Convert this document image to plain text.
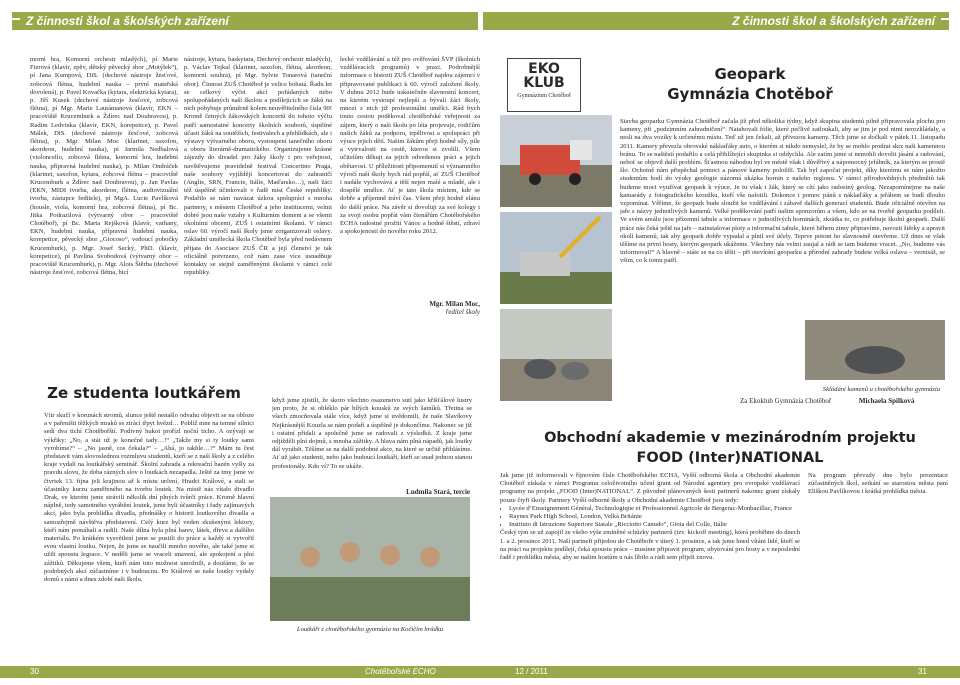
Z činnosti škol a školských zařízení	Z činnosti škol a školských zařízení

mornί hra, Komornί orchestr mladých), pí Marie Fierová (klavír, zpěv, dětský pěvecký sbor „Motýlek“), pí Jana Kumpová, DiS. (dechové nástroje žesťové, zobcová flétna, hudební nauka – první mateřská dovolená), p. Pavel Kovačka (kytara, elektrická kytara), p. Jiří Kusek (dechové nástroje žesťové, zobcová flétna), pí Mgr. Marie Lautámanová (klavír, EKN – pracoviště Krucemburk a Ždírec nad Doubravou), p. Radim Ledvinka (klavír, EKN, korepetice), p. Pavel Málek, DiS. (dechové nástroje žesťové, zobcová flétna), p. Mgr. Milan Moc (klarinet, saxofon, akordeon, hudební nauka), pí Jarmila Nedbalová (violoncello, zobcová flétna, komorní hra, hudební nauka, přípravná hudební nauka), p. Milan Ondráček (klarinet, saxofon, kytara, zobcová flétna – pracoviště Krucemburk a Ždírec nad Doubravou), p. Jan Pavlas (EKN, MIDI tvorba, akordeon, flétna, audiovizuální tvorba, zástupce ředitele), pí MgA. Lucie Pavlíková (housle, viola, komorní hra, zobcová flétna), pí Bc. Jitka Podrazilová (výtvarný obor – pracoviště Chotěboř), pí Bc. Marta Rejšková (klavír, varhany, EKN, hudební nauka, přípravná hudební nauka, korepetice, pěvecký sbor „Giocoso“, vedoucí pobočky Krucemburk), p. Mgr. Josef Secký, PhD. (klavír, korepetice), pí Pavlína Svobodová (výtvarný obor – pracoviště Krucemburk), p. Mgr. Alois Štěrba (dechové nástroje žesťové, zobcová flétna, bicí

nástroje, kytara, baskytara, Dechový orchestr mladých), p. Václav Tejkal (klarinet, saxofon, flétna, akordeon, komorní souhra), pí Mgr. Sylvie Tonarová (taneční obor). Činnost ZUŠ Chotěboř je velice bohatá. Řadu let se celkový výčet akcí pořádaných nebo spolupořádaných naší školou a podílejících se žáků na nich pohybuje průměrně kolem neuvěřitelného čísla 90! Kromě četných žákovských koncertů do tohoto výčtu patří samostatné koncerty školních souborů, úspěšné účasti žáků na soutěžích, festivalech a přehlídkách, ale i výstavy výtvarného oboru, vystoupení tanečního oboru a oboru literárně-dramatického. Organizujeme krásné zájezdy do divadel pro žáky školy i pro veřejnost, navštěvujeme pravidelně festival Concertino Praga, naše soubory vyjíždějí koncertovat do zahraničí (Anglie, SRN, Francie, Itálie, Maďarsko…), naši žáci též úspěšně účinkovali v řadě míst České republiky. Podařilo se nám navázat úzkou spolupráci s mnoha partnery, s městem Chotěboř a jeho institucemi, velmi dobré jsou naše vztahy s Kulturním domem a se všemi okolními obcemi, ZUŠ i ostatními školami. V rámci oslav 60. výročí naší školy jsme zorganizovali oslavy. Základní umělecká škola Chotěboř byla před nedávnem přijata do Asociace ZUŠ ČR a její členství je tak oficiálně potvrzeno, což nám zase více usnadňuje kontakty se stejně zaměřenými školami v rámci celé republiky.

lecké vzdělávání a též pro ověřování ŠVP (školních vzdělávacích programů) v praxi. Podrobnější informace o historii ZUŠ Chotěboř najdou zájemci v připravované publikaci k 60. výročí založení školy. V dubnu 2012 bude uskutečněn slavnostní koncert, na kterém vystoupí nejlepší a bývalí žáci školy, mnozí z nich již profesionálni umělci. Rád bych touto cestou poděkoval chotěbořské veřejnosti za zájem, který o naši školu po léta projevuje, rodičům našich žáků za podporu, trpělivost a spolupráci při výuce jejich dětí. Našim žákům přeji hodně síly, píle a vytrvalosti na cestě, kterou si zvolili. Všem učitelům děkuji za jejich odvedenou práci a jejich obětavost. U příležitosti připomenutí si významného výročí naší školy bych rád popřál, ať ZUŠ Chotěboř i nadále vychovává a těší nejen malé a mladé, ale i dospělé umělce. Ať je tato škola místem, kde se dobře a příjemně tráví čas. Všem přeji hodně elánu do další práce. Na závěr si dovoluji za své kolegy i za svoji osobu popřát vám čtenářům Chotěbořského ECHA radostné prožití Vánoc a hodně štěstí, zdraví a spokojenosti do nového roku 2012.

Mgr. Milan Moc,
ředitel školy
EKO
KLUB
Gymnázium Chotěboř
Geopark
Gymnázia Chotěboř

Stavba geoparku Gymnázia Chotěboř začala již před několika týdny, když skupina studentů pilně připravovala plochu pro kameny, při „podzimním zahradničení“. Natahovali fólie, které pečlivě zatloukali, aby se jim je pod nimi nerozkládaly, a nesli na dva vozíky k určenému místu. Teď už jen čekali, až přivezou kameny. Těch jsme se dočkali v pátek 11. listopadu 2011. Kamery převezla obrovské náklaďáky auto, o kterém si nikdo nemyslel, že by se mohlo prodrat skrz naši kamennou bránu. To se naštěstí podařilo a celá přihlížející skupinka si oddychla. Ale zatím jsme si nemohli dovolit jásání a radování, neboť se objevil další problém. Šťastnou náhodou byl ve městě však i důvěřivý a nápomocný jeřábník, za kterým se prostě šlo. Ochotně nám přispěchal pomoci a pánové kameny položili. Tak byl započat projekt, díky kterému se nám jakožto studentům hodí do výuky geologie názorná ukázka hornin z našeho regionu. V rámci přírodovědných předmětů tak budeme moci využívat geopark k výuce. Je tu však i žák, který se cítí jako radostný geolog. Nezapomínejme na naše kamarády z fotografického kroužku, kteří vše nafotili. Dokonce i pomoc pánů s náklaďáky a jeřábem se budí dlouho vzpomínat. Věříme, že geopark bude sloužit ke vzdělávání i zábavě dalších generací studentů. Bude oficiálně otevřen na jaře s názvy jednotlivých kamenů. Velké poděkování patří našim sponzorům a všem, kdo se na tvorbě geoparku podíleli. Ve svém areálu jsou přízemní tabule a informace o jednotlivých horninách, zkrátka to, co potřebuje školní geopark. Další práce nás čeká ještě na jaře – nainstalovat ploty a informační tabule, které během zimy připravíme, navozit štěrky a upravit okolí kamenů, tak aby geopark dobře vypadal a plnil své účely. Teprve potom ho slavnostně otevřeme. Už dnes se však těšíme na první hosty, kterým geopark ukážeme. Všechny nás velmi zaujal a rádi se tam budeme vracet. „No, budeme vás informovat!“ A hlavně – státe se na co těšit – při otevírání geoparku a přírodní zahrady budete velká oslava – vernisáž, se vším, co k tomu patří.

Skládání kamenů u chotěbořského gymnázia
Za Ekoklub Gymnázia Chotěboř	Michaela Spilková
Ze studenta loutkářem

Vítr skučí v korunách stromů, slunce ještě nenašlo odvahu objevit se na obloze a v pařeništi těžkých mraků se ztrácí třpyt hvězd… Poblíž mne na temné silnici sedí dva tichí Chotěbořští. Podivný hukot prořízl noční ticho. A ozývají se výkřiky: „No, a stát už je konečně tady…!“ „Takže my si ty loutky sami vyrobíme?“ – „No jasně, cos čekala?“ – „Ahá, jo takhle…?“ Mám tu čest představit vám slovoslednou rozmluvu studentů, kteří se z naší školy a z celého kraje vydali na loutkářský seminář. Školní zahrada a rekreační bazén vyšly za pravdu slovu, že doba rázných slov o loutkách nezapadla. Ještě za tmy jsme ve čtvrtek 13. října jeli krajinou až k místu určení, Hradci Králové, a stali se účastníky kurzu zaměřeného na tvorbu loutek. Na místě nás vítalo divadlo Drak, ve kterém jsme strávili několik dní plných tvůrčí práce. Kromě hlavní náplně, tedy samotného vyrábění loutek, jsme byli účastníky i řady zajímavých akcí, jako byla prohlídka divadla, přednášky o historii loutkového divadla a samozřejmě návštěva představení. Celý kurz byl veden zkušenými lektory, kteří nám pomáhali a radili. Naše dílna byla plná barev, látek, dřeva a dalšího materiálu. Po krátkém vysvětlení jsme se pustili do práce a každý si vytvořil svou vlastní loutku. Nejen, že jsme se naučili mnoho nového, ale také jsme si užili spoustu legrace. V neděli jsme se vraceli unavení, ale spokojení a plní zážitků. Děkujeme všem, kteří nám tuto možnost umožnili, a doufáme, že se podobných akcí zúčastníme i v budoucnu. Po Králové se naše loutky vydaly domů s námi a dnes zdobí naši školu.

když jsme zjistili, že skoro všechno osazenstvo sutí jako křišťálové lustry jen proto, že si obléklo pár bílých kousků ze svých šatníků. Třetina se všech zmocňovala stále více, když jsme si uvědomili, že naše Slavíkovy Nejkrásnější Kouzla se nám podaří a úspěšně je dokončíme. Nakonec se již i ostatní přidali a společně jsme se radovali z výsledků. Z kraje jsme odjížděli plní dojmů, s mnoha zážitky. A hlava nám plná nápadů, jak loutky dál vyrábět. Těšíme se na další podobné akce, na které se určitě přihlásíme. Ať už jako studenti, nebo jako budoucí loutkáři, kteří se snad jednou stanou profesionály. Kdo ví? To se ukáže.

Ludmila Stará, tercie
Loutkáři z chotěbořského gymnázia na Kočičím hrádku
Obchodní akademie v mezinárodním projektu
FOOD (Inter)NATIONAL

Jak jsme již informovali v říjnovém čísle Chotěbořského ECHA, Vyšší odborná škola a Obchodní akademie Chotěboř získala v rámci Programu celoživotního učení grant od Národní agentury pro evropské vzdělávací programy na projekt „FOOD (Inter)NATIONAL“. Z původně plánovaných šesti partnerů nakonec grant získaly pouze čtyři školy. Partnery Vyšší odborné školy a Obchodní akademie Chotěboř jsou tedy:

• Lycée d’Enseignement Général, Technologique et Professionnel Agricole de Bergerac-Monbazillac, France
• Raynes Park High School, London, Velká Británie
• Instituto di Istruzione Superiore Statale „Ricciotto Canudo“, Gioia del Colle, Itálie

Český tým se už zapojil ze všeho výše zmíněné schůzky partnerů (tzv. kickoff meeting), která proběhne do dnech 1. a 2. prosince 2011. Naší partneři přijedou do Chotěboře v úterý 1. prosince, a tak jsme hned vítáni lidé, kteří se na práci na projektu podílejí, čeká spoustu práce – musíme připravit program, ubytování pro hosty a v neposlední řadě i prohlídku města, aby se našim hostům u nás líbilo a rádi sem přijeli znovu.

Na program převzdy dne bylo prezentace zúčastněných škol, setkání se starostou města paní Eliškou Pavlíkovou i krátká prohlídka města.

30	Chotěbořské ECHO	12 / 2011	31
